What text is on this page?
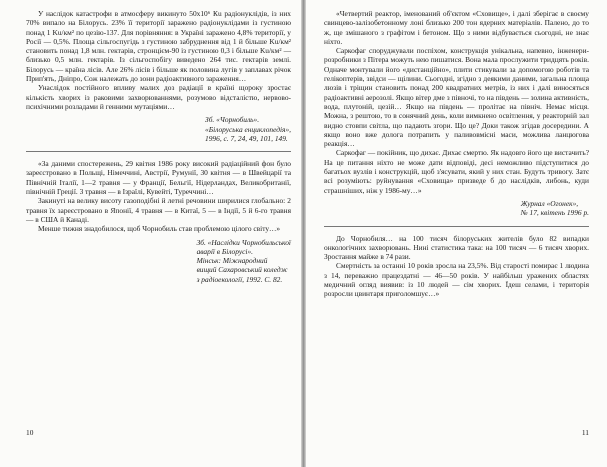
У наслідок катастрофи в атмосферу викинуто 50х10⁶ Кu радіонуклідів, із них 70% випало на Білорусь. 23% її території заражено радіонуклідами із густиною понад 1 Ku/км² по цезію-137. Для порівняння: в Україні заражено 4,8% території, у Росії — 0,5%. Площа сільгоспугідь з густиною забруднення від 1 й більше Ku/км² становить понад 1,8 млн. гектарів, стронцієм-90 із густиною 0,3 і більше Ku/км² — близько 0,5 млн. гектарів. Із сільгоспобігу виведено 264 тис. гектарів землі. Білорусь — країна лісів. Але 26% лісів і більше як половина лугів у заплавах річок Прип'ять, Дніпро, Сож належать до зони радіоактивного зараження…

Унаслідок постійного впливу малих доз радіації в країні щороку зростає кількість хворих із раковими захворюваннями, розумово відсталістю, нервово-психічними розладами й генними мутаціями…

Зб. «Чорнобиль».
«Білоруська енциклопедія»,
1996, с. 7, 24, 49, 101, 149.

«За даними спостережень, 29 квітня 1986 року високий радіаційний фон було зареєстровано в Польщі, Німеччині, Австрії, Румунії, 30 квітня — в Швейцарії та Північній Італії, 1—2 травня — у Франції, Бельгії, Нідерландах, Великобританії, північній Греції. 3 травня — в Ізраїлі, Кувейті, Туреччині…

Закинуті на велику висоту газоподібні й летні речовини ширилися глобально: 2 травня їх зареєстровано в Японії, 4 травня — в Китаї, 5 — в Індії, 5 й 6-го травня — в США й Канаді.

Менше тижня знадобилося, щоб Чорнобиль став проблемою цілого світу…»

Зб. «Наслідки Чорнобильської
аварії в Білорусі».
Мінськ: Міжнародний
вищий Сахаровський коледж
з радіоекології, 1992. С. 82.
10

«Четвертий реактор, іменований об'єктом «Сховище», і далі зберігає в своєму свинцево-залізобетонному лоні близько 200 тон ядерних матеріалів. Палено, до то ж, ще змішаного з графітом і бетоном. Що з ними відбувається сьогодні, не знає ніхто.

Саркофаг споруджували поспіхом, конструкція унікальна, напевно, інженери-розробники з Пітера можуть нею пишатися. Вона мала прослужити тридцять років. Одначе монтували його «дистанційно», плити стикували за допомогою роботів та гелікоптерів, звідси — щілини. Сьогодні, згідно з деякими даними, загальна площа люзів і тріщин становить понад 200 квадратних метрів, із них і далі виносяться радіоактивні аерозолі. Якщо вітер дме з півночі, то на південь — золина активність, вода, плутоній, цезій… Якщо на південь — пролітає на північ. Немає місця. Можна, з рештою, то в сонячний день, коли вимкнено освітлення, у реакторній зал видно стовпи світла, що падають згори. Що це? Доки також згідав досередини. А якщо воно вже долога потрапить у паливовмісні маси, можлива ланцюгова реакція…

Саркофаг — покійник, що дихає. Дихає смертю. Як надовго його ще вистачить? На це питання ніхто не може дати відповіді, десі неможливо підступитися до багатьох вузлів і конструкцій, щоб з'ясувати, який у них стан. Будуть тривогу. Затє всі розуміють: руйнування «Сховища» призведе б до наслідків, либонь, куди страшніших, ніж у 1986-му…»

Журнал «Огонек»,
№ 17, квітень 1996 р.

До Чорнобиля… на 100 тисяч білоруських жителів було 82 випадки онкологічних захворювань. Нині статистика така: на 100 тисяч — 6 тисяч хворих. Зростання майже в 74 рази.

Смертність за останні 10 років зросла на 23,5%. Від старості помирає 1 людина з 14, переважно працездатні — 46—50 років. У найбільш уражених областях медичний огляд виявив: із 10 людей — сім хворих. Їдеш селами, і територія розросли цвинтаря приголомшує…»

11
